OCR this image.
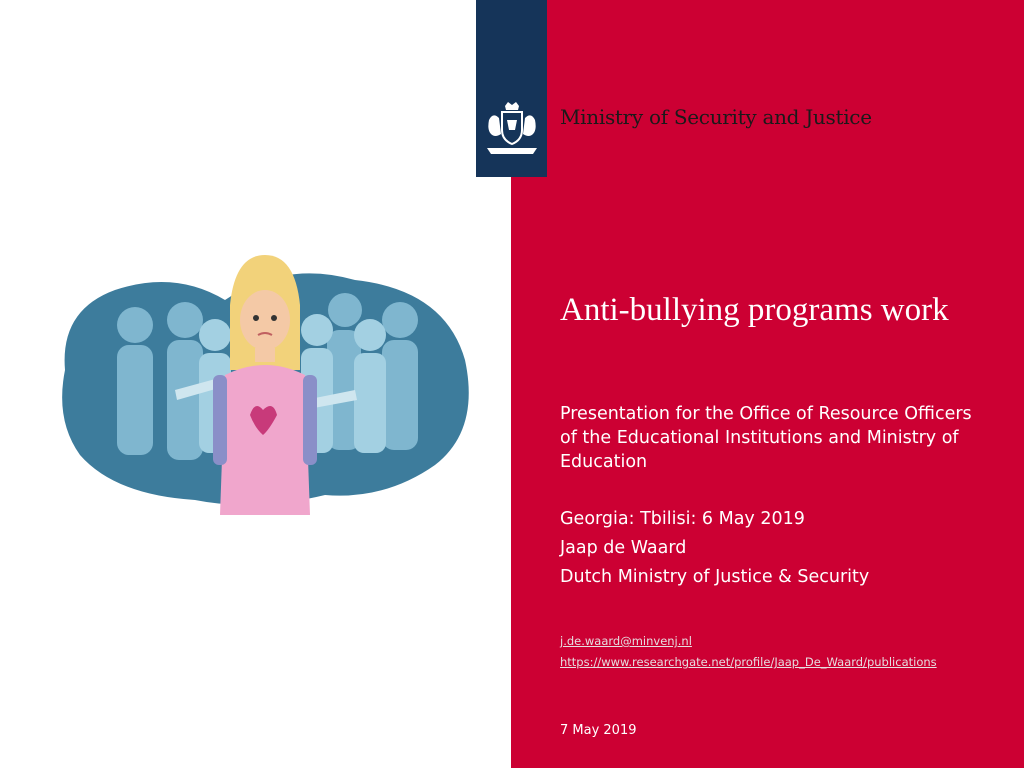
Ministry of Security and Justice
Anti-bullying programs work
Presentation for the Office of Resource Officers of the Educational Institutions and Ministry of Education
Georgia: Tbilisi: 6 May 2019
Jaap de Waard
Dutch Ministry of Justice & Security
j.de.waard@minvenj.nl
https://www.researchgate.net/profile/Jaap_De_Waard/publications
7 May 2019
